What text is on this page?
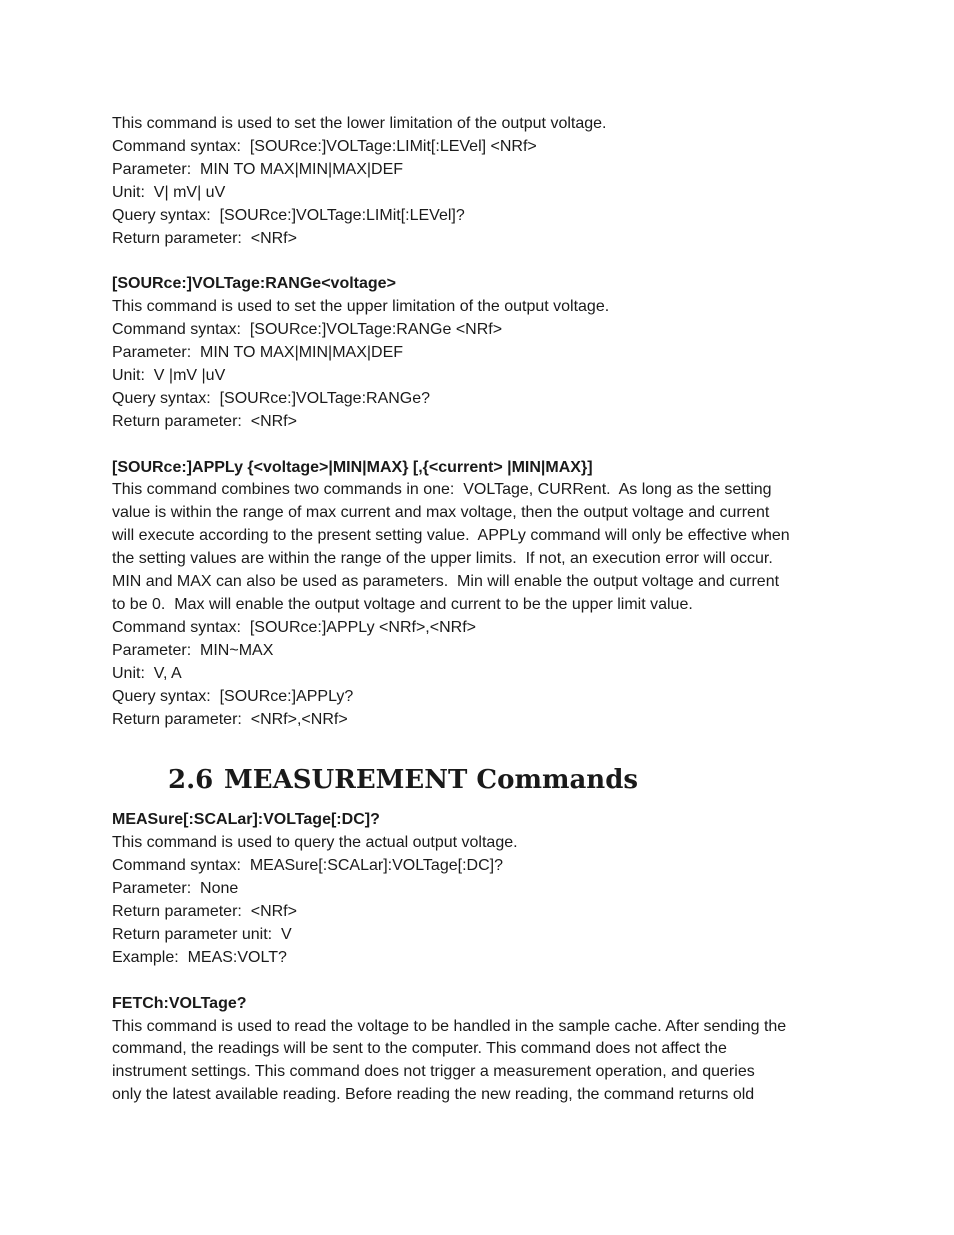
This command is used to set the lower limitation of the output voltage.

Command syntax:  [SOURce:]VOLTage:LIMit[:LEVel] <NRf>

Parameter:  MIN TO MAX|MIN|MAX|DEF

Unit:  V| mV| uV

Query syntax:  [SOURce:]VOLTage:LIMit[:LEVel]?

Return parameter:  <NRf>

[SOURce:]VOLTage:RANGe<voltage>

This command is used to set the upper limitation of the output voltage.

Command syntax:  [SOURce:]VOLTage:RANGe <NRf>

Parameter:  MIN TO MAX|MIN|MAX|DEF

Unit:  V |mV |uV

Query syntax:  [SOURce:]VOLTage:RANGe?

Return parameter:  <NRf>

[SOURce:]APPLy {<voltage>|MIN|MAX} [,{<current> |MIN|MAX}]

This command combines two commands in one:  VOLTage, CURRent.  As long as the setting

value is within the range of max current and max voltage, then the output voltage and current

will execute according to the present setting value.  APPLy command will only be effective when

the setting values are within the range of the upper limits.  If not, an execution error will occur.

MIN and MAX can also be used as parameters.  Min will enable the output voltage and current

to be 0.  Max will enable the output voltage and current to be the upper limit value.

Command syntax:  [SOURce:]APPLy <NRf>,<NRf>

Parameter:  MIN~MAX

Unit:  V, A

Query syntax:  [SOURce:]APPLy?

Return parameter:  <NRf>,<NRf>

2.6 MEASUREMENT Commands

MEASure[:SCALar]:VOLTage[:DC]?

This command is used to query the actual output voltage.

Command syntax:  MEASure[:SCALar]:VOLTage[:DC]?

Parameter:  None

Return parameter:  <NRf>

Return parameter unit:  V

Example:  MEAS:VOLT?

FETCh:VOLTage?

This command is used to read the voltage to be handled in the sample cache. After sending the

command, the readings will be sent to the computer. This command does not affect the

instrument settings. This command does not trigger a measurement operation, and queries

only the latest available reading. Before reading the new reading, the command returns old
